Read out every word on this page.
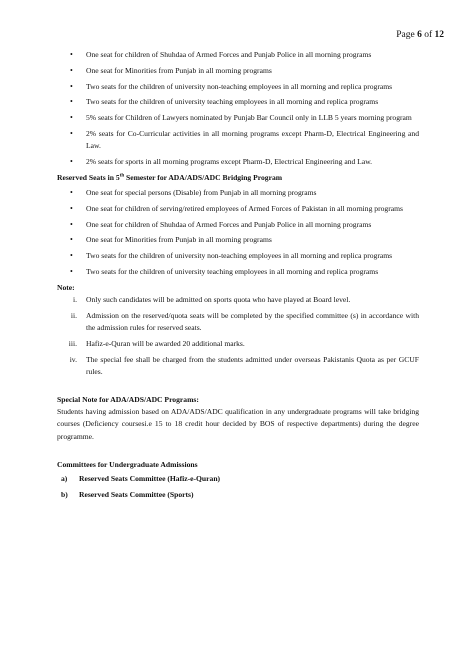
Page 6 of 12
• One seat for children of Shuhdaa of Armed Forces and Punjab Police in all morning programs
• One seat for Minorities from Punjab in all morning programs
• Two seats for the children of university non-teaching employees in all morning and replica programs
• Two seats for the children of university teaching employees in all morning and replica programs
• 5% seats for Children of Lawyers nominated by Punjab Bar Council only in LLB 5 years morning program
• 2% seats for Co-Curricular activities in all morning programs except Pharm-D, Electrical Engineering and Law.
• 2% seats for sports in all morning programs except Pharm-D, Electrical Engineering and Law.
Reserved Seats in 5th Semester for ADA/ADS/ADC Bridging Program
• One seat for special persons (Disable) from Punjab in all morning programs
• One seat for children of serving/retired employees of Armed Forces of Pakistan in all morning programs
• One seat for children of Shuhdaa of Armed Forces and Punjab Police in all morning programs
• One seat for Minorities from Punjab in all morning programs
• Two seats for the children of university non-teaching employees in all morning and replica programs
• Two seats for the children of university teaching employees in all morning and replica programs
Note:
i. Only such candidates will be admitted on sports quota who have played at Board level.
ii. Admission on the reserved/quota seats will be completed by the specified committee (s) in accordance with the admission rules for reserved seats.
iii. Hafiz-e-Quran will be awarded 20 additional marks.
iv. The special fee shall be charged from the students admitted under overseas Pakistanis Quota as per GCUF rules.
Special Note for ADA/ADS/ADC Programs:
Students having admission based on ADA/ADS/ADC qualification in any undergraduate programs will take bridging courses (Deficiency coursesi.e 15 to 18 credit hour decided by BOS of respective departments) during the degree programme.
Committees for Undergraduate Admissions
a) Reserved Seats Committee (Hafiz-e-Quran)
b) Reserved Seats Committee (Sports)
